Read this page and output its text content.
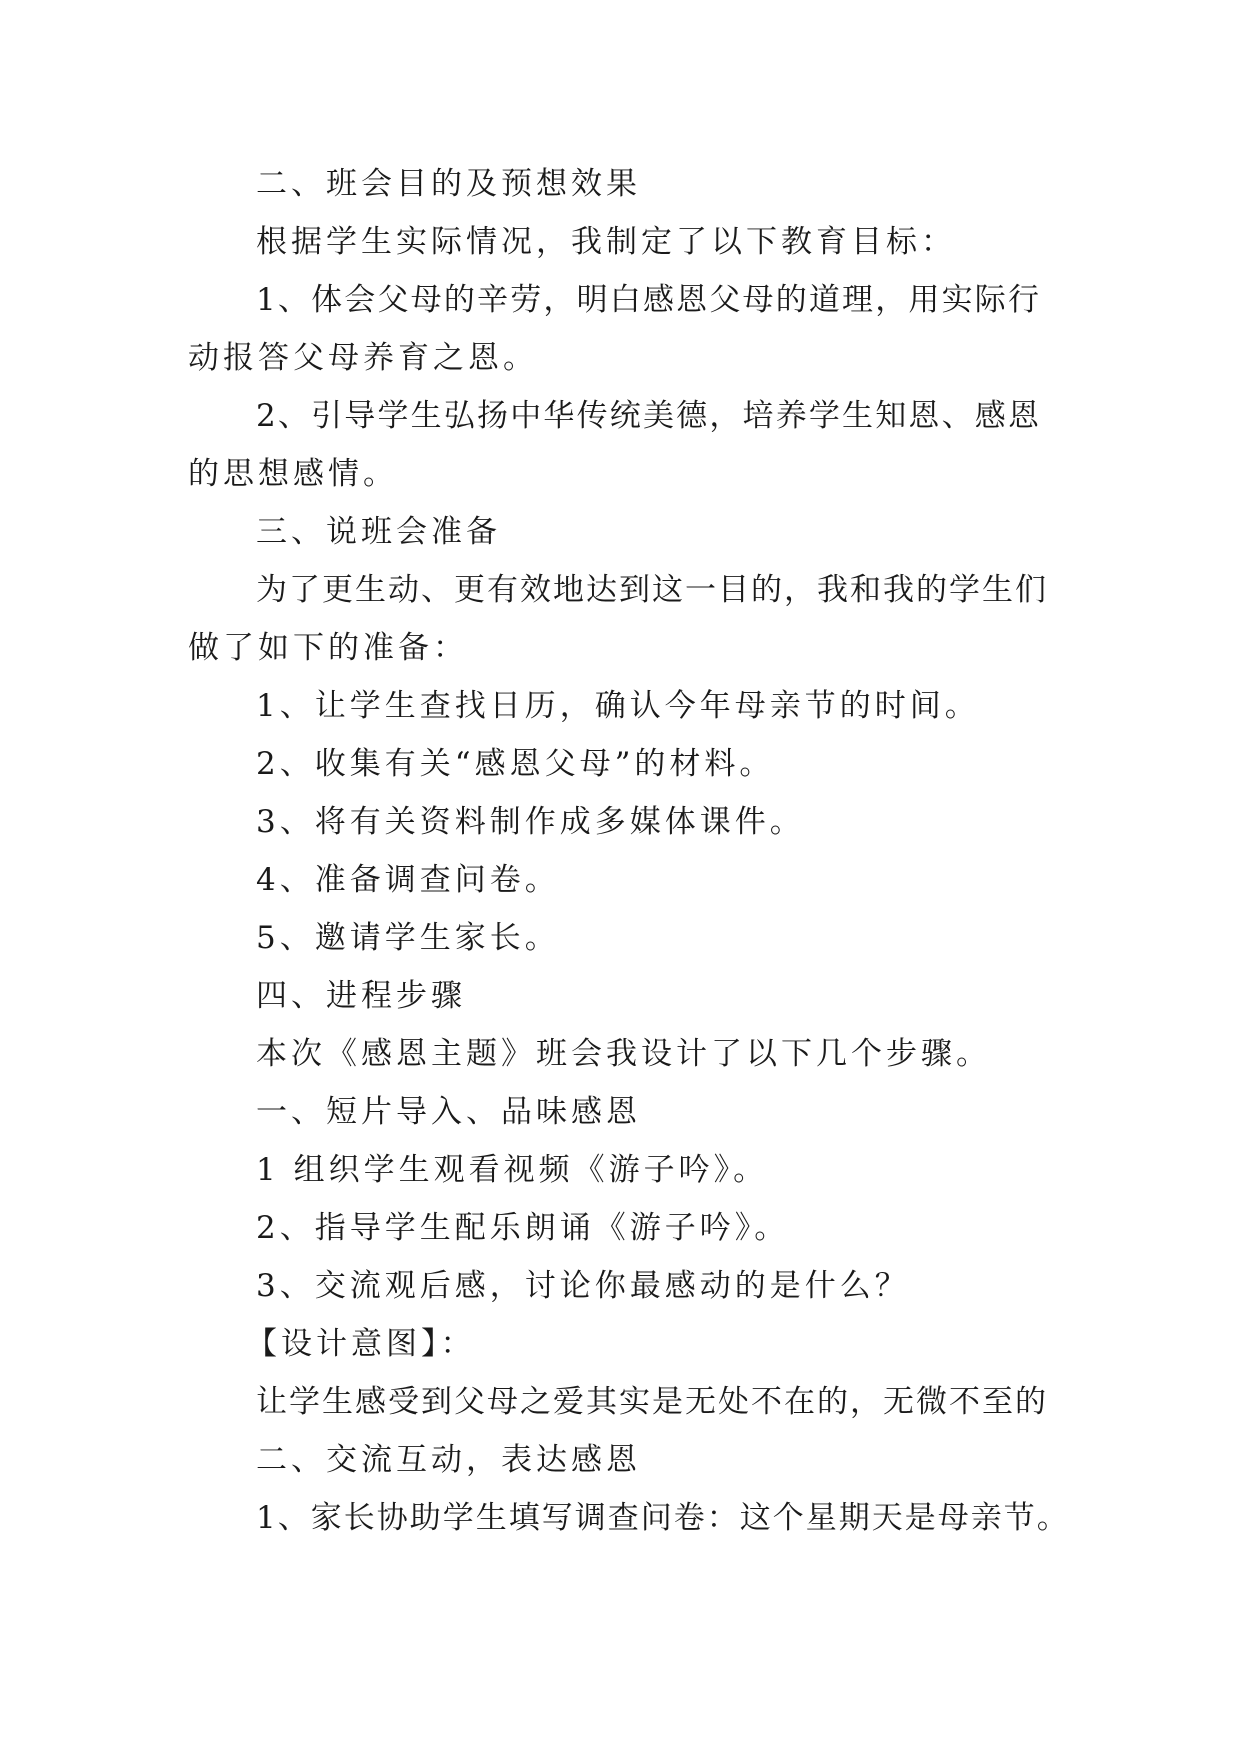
二、班会目的及预想效果
根据学生实际情况，我制定了以下教育目标：
1、体会父母的辛劳，明白感恩父母的道理，用实际行
动报答父母养育之恩。
2、引导学生弘扬中华传统美德，培养学生知恩、感恩
的思想感情。
三、说班会准备
为了更生动、更有效地达到这一目的，我和我的学生们
做了如下的准备：
1、让学生查找日历，确认今年母亲节的时间。
2、收集有关“感恩父母”的材料。
3、将有关资料制作成多媒体课件。
4、准备调查问卷。
5、邀请学生家长。
四、进程步骤
本次《感恩主题》班会我设计了以下几个步骤。
一、短片导入、品味感恩
1 组织学生观看视频《游子吟》。
2、指导学生配乐朗诵《游子吟》。
3、交流观后感，讨论你最感动的是什么？
【设计意图】：
让学生感受到父母之爱其实是无处不在的，无微不至的
二、交流互动，表达感恩
1、家长协助学生填写调查问卷：这个星期天是母亲节。
